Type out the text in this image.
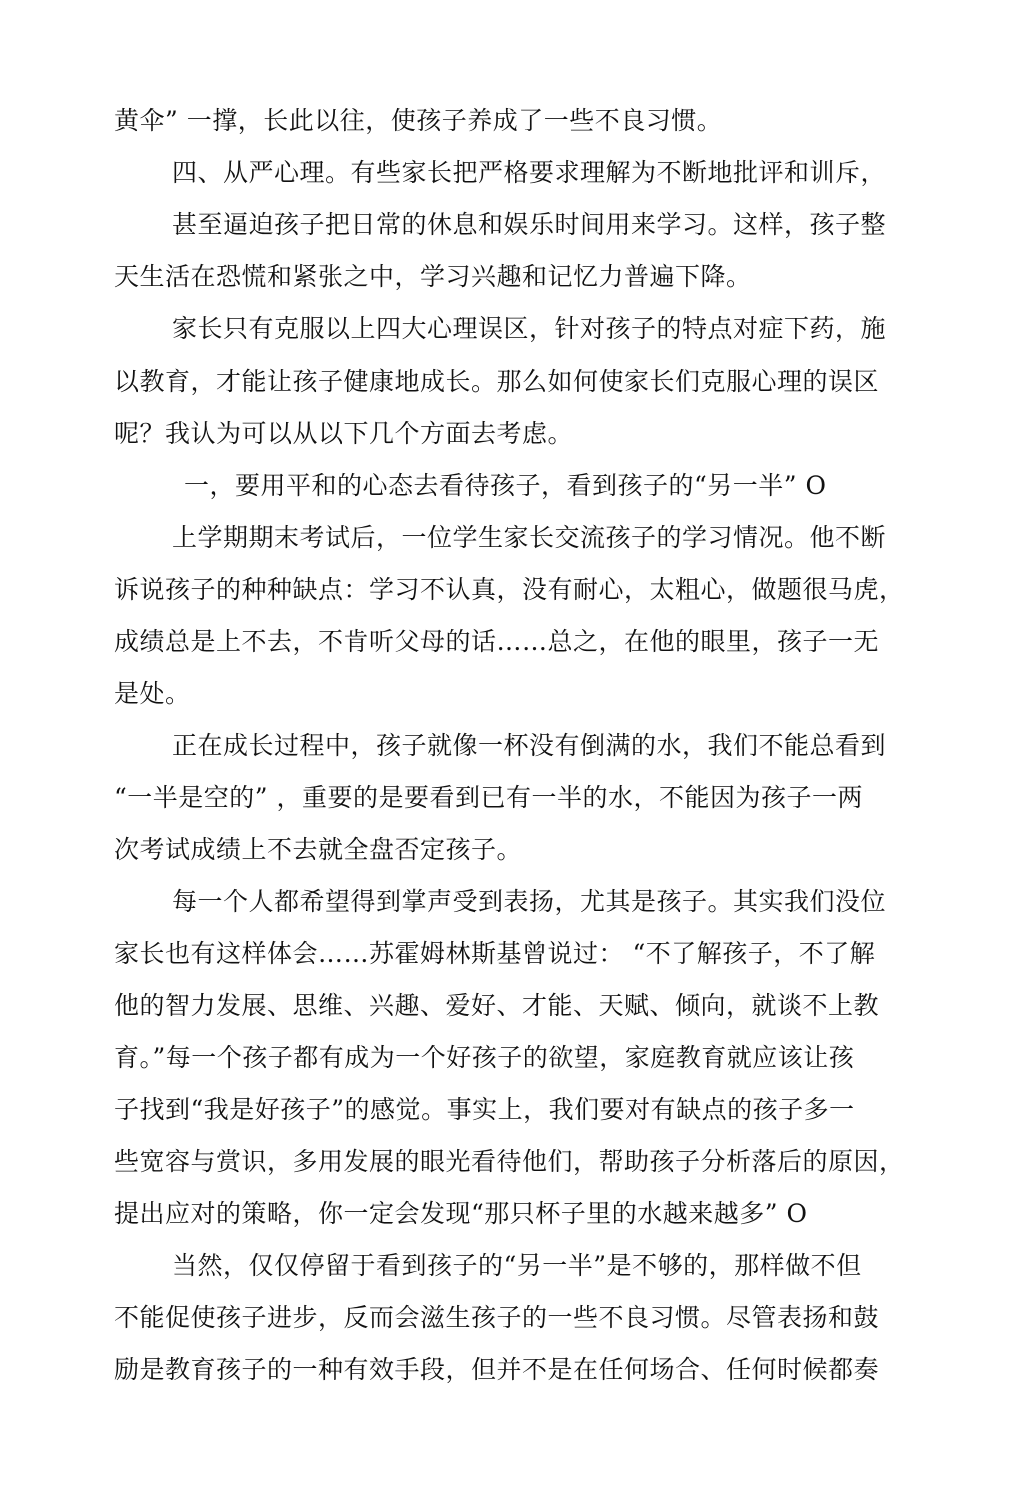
黄伞” 一撑，长此以往，使孩子养成了一些不良习惯。
四、从严心理。有些家长把严格要求理解为不断地批评和训斥，
甚至逼迫孩子把日常的休息和娱乐时间用来学习。这样，孩子整
天生活在恐慌和紧张之中，学习兴趣和记忆力普遍下降。
家长只有克服以上四大心理误区，针对孩子的特点对症下药，施
以教育，才能让孩子健康地成长。那么如何使家长们克服心理的误区
呢？我认为可以从以下几个方面去考虑。
一，要用平和的心态去看待孩子，看到孩子的“另一半” O
上学期期末考试后，一位学生家长交流孩子的学习情况。他不断
诉说孩子的种种缺点：学习不认真，没有耐心，太粗心，做题很马虎，
成绩总是上不去，不肯听父母的话……总之，在他的眼里，孩子一无
是处。
正在成长过程中，孩子就像一杯没有倒满的水，我们不能总看到
“一半是空的” ，重要的是要看到已有一半的水，不能因为孩子一两
次考试成绩上不去就全盘否定孩子。
每一个人都希望得到掌声受到表扬，尤其是孩子。其实我们没位
家长也有这样体会……苏霍姆林斯基曾说过： “不了解孩子，不了解
他的智力发展、思维、兴趣、爱好、才能、天赋、倾向，就谈不上教
育。”每一个孩子都有成为一个好孩子的欲望，家庭教育就应该让孩
子找到“我是好孩子”的感觉。事实上，我们要对有缺点的孩子多一
些宽容与赏识，多用发展的眼光看待他们，帮助孩子分析落后的原因，
提出应对的策略，你一定会发现“那只杯子里的水越来越多” O
当然，仅仅停留于看到孩子的“另一半”是不够的，那样做不但
不能促使孩子进步，反而会滋生孩子的一些不良习惯。尽管表扬和鼓
励是教育孩子的一种有效手段，但并不是在任何场合、任何时候都奏
